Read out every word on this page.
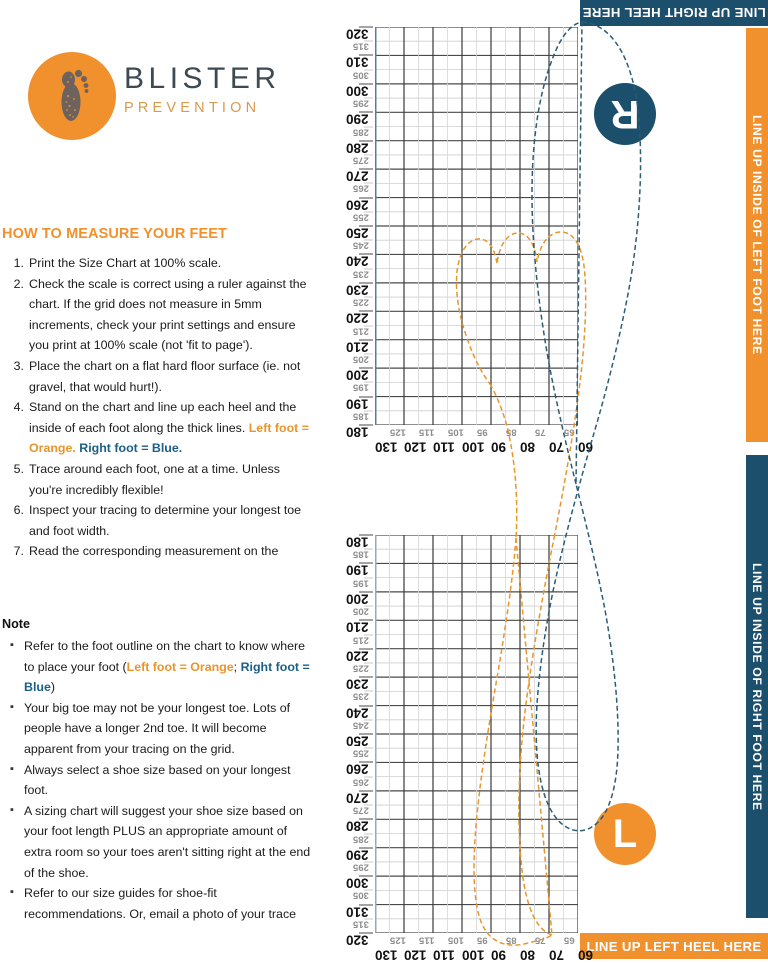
BLISTER
PREVENTION
HOW TO MEASURE YOUR FEET
1. Print the Size Chart at 100% scale.
2. Check the scale is correct using a ruler against the chart. If the grid does not measure in 5mm increments, check your print settings and ensure you print at 100% scale (not 'fit to page').
3. Place the chart on a flat hard floor surface (ie. not gravel, that would hurt!).
4. Stand on the chart and line up each heel and the inside of each foot along the thick lines. Left foot = Orange. Right foot = Blue.
5. Trace around each foot, one at a time. Unless you're incredibly flexible!
6. Inspect your tracing to determine your longest toe and foot width.
7. Read the corresponding measurement on the
Note
▪ Refer to the foot outline on the chart to know where to place your foot (Left foot = Orange; Right foot = Blue)
▪ Your big toe may not be your longest toe. Lots of people have a longer 2nd toe. It will become apparent from your tracing on the grid.
▪ Always select a shoe size based on your longest foot.
▪ A sizing chart will suggest your shoe size based on your foot length PLUS an appropriate amount of extra room so your toes aren't sitting right at the end of the shoe.
▪ Refer to our size guides for shoe-fit recommendations. Or, email a photo of your trace
LINE UP RIGHT HEEL HERE
LINE UP LEFT HEEL HERE
LINE UP INSIDE OF LEFT FOOT HERE
LINE UP INSIDE OF RIGHT FOOT HERE
320
310
300
290
280
270
260
250
240
230
220
210
200
190
180
315
305
295
285
275
265
255
245
235
225
215
205
195
185
130 120 110 100 90 80 70 60
125 115 105 95 85 75 65
180
190
200
210
220
230
240
250
260
270
280
290
300
310
320
185
195
205
215
225
235
245
255
265
275
285
295
305
315
130 120 110 100 90 80 70 60
125 115 105 95 85 75 65
R
L
